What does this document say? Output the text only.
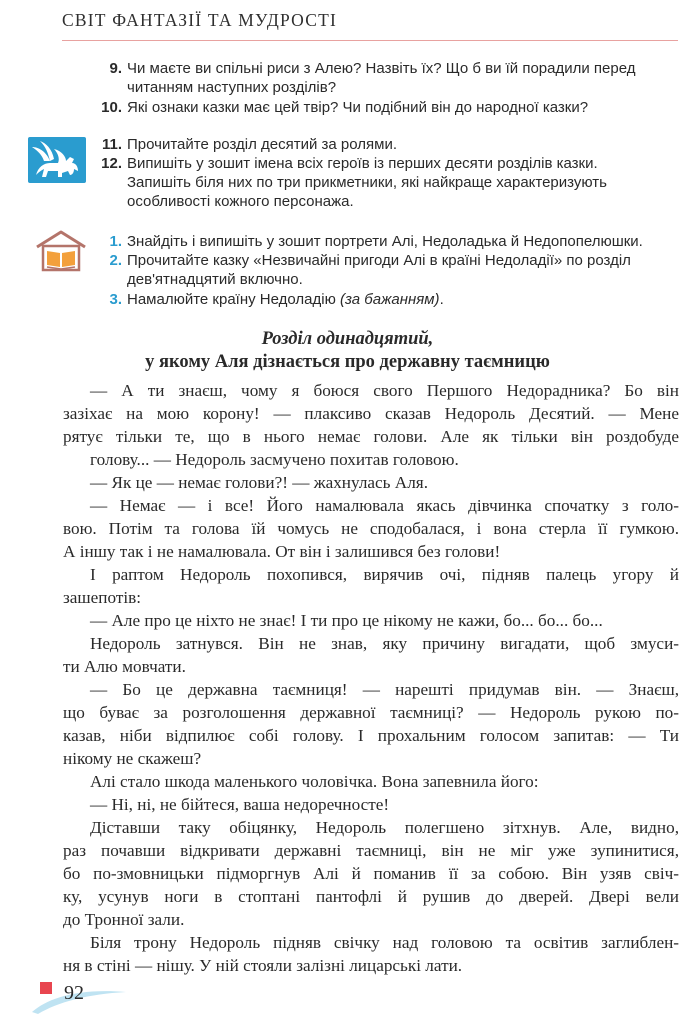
СВІТ ФАНТАЗІЇ ТА МУДРОСТІ
9. Чи маєте ви спільні риси з Алею? Назвіть їх? Що б ви їй порадили перед
читанням наступних розділів?
10. Які ознаки казки має цей твір? Чи подібний він до народної казки?
11. Прочитайте розділ десятий за ролями.
12. Випишіть у зошит імена всіх героїв із перших десяти розділів казки.
Запишіть біля них по три прикметники, які найкраще характеризують
особливості кожного персонажа.
1. Знайдіть і випишіть у зошит портрети Алі, Недоладька й Недопопелюшки.
2. Прочитайте казку «Незвичайні пригоди Алі в країні Недоладії» по розділ
дев'ятнадцятий включно.
3. Намалюйте країну Недоладію (за бажанням).
Розділ одинадцятий,
у якому Аля дізнається про державну таємницю
— А ти знаєш, чому я боюся свого Першого Недорадника? Бо він
зазіхає на мою корону! — плаксиво сказав Недороль Десятий. — Мене
рятує тільки те, що в нього немає голови. Але як тільки він роздобуде
голову... — Недороль засмучено похитав головою.
— Як це — немає голови?! — жахнулась Аля.
— Немає — і все! Його намалювала якась дівчинка спочатку з голо-
вою. Потім та голова їй чомусь не сподобалася, і вона стерла її гумкою.
А іншу так і не намалювала. От він і залишився без голови!
І раптом Недороль похопився, вирячив очі, підняв палець угору й
зашепотів:
— Але про це ніхто не знає! І ти про це нікому не кажи, бо... бо... бо...
Недороль затнувся. Він не знав, яку причину вигадати, щоб змуси-
ти Алю мовчати.
— Бо це державна таємниця! — нарешті придумав він. — Знаєш,
що буває за розголошення державної таємниці? — Недороль рукою по-
казав, ніби відпилює собі голову. І прохальним голосом запитав: — Ти
нікому не скажеш?
Алі стало шкода маленького чоловічка. Вона запевнила його:
— Ні, ні, не бійтеся, ваша недоречносте!
Діставши таку обіцянку, Недороль полегшено зітхнув. Але, видно,
раз почавши відкривати державні таємниці, він не міг уже зупинитися,
бо по-змовницьки підморгнув Алі й поманив її за собою. Він узяв свіч-
ку, усунув ноги в стоптані пантофлі й рушив до дверей. Двері вели
до Тронної зали.
Біля трону Недороль підняв свічку над головою та освітив заглиблен-
ня в стіні — нішу. У ній стояли залізні лицарські лати.
92
